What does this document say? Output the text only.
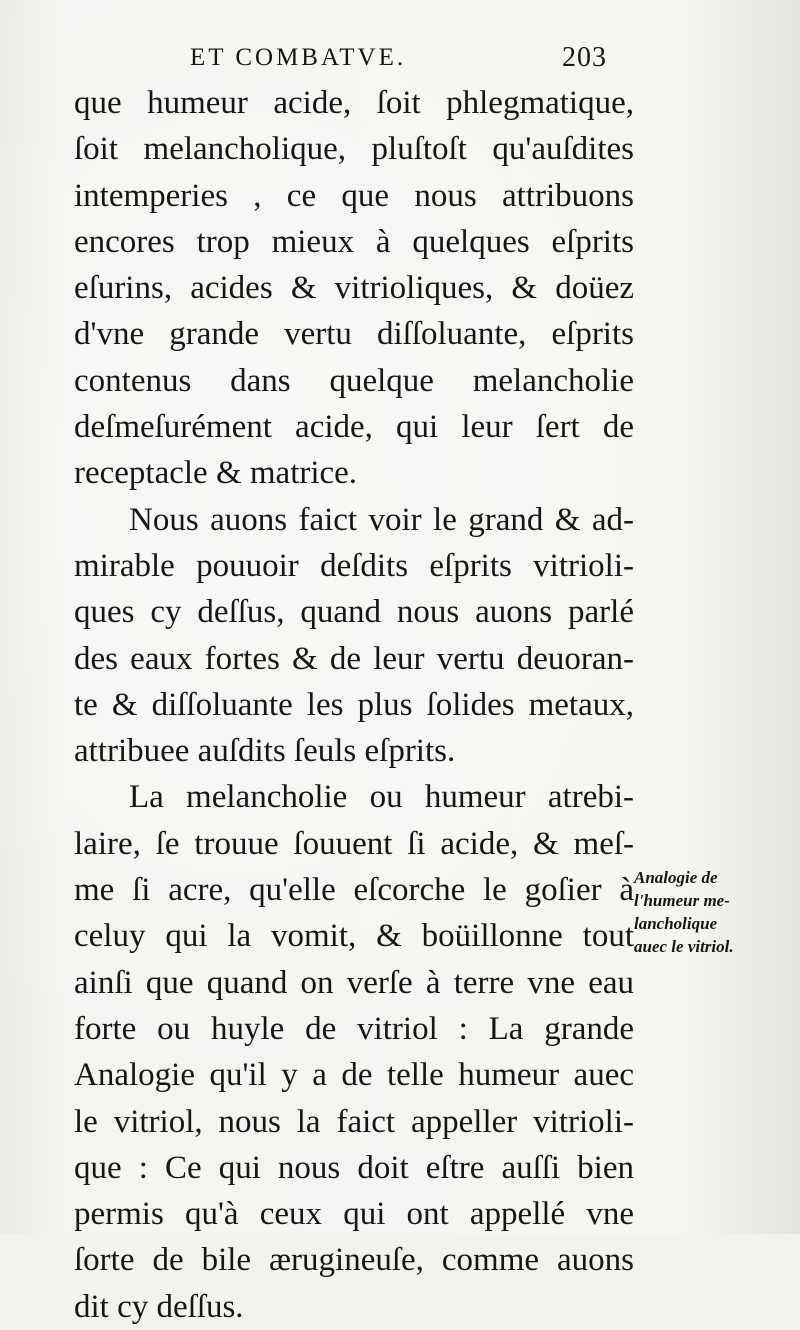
ET COMBATVE.	203
que humeur acide, ſoit phlegmatique,
ſoit melancholique, pluſtoſt qu'auſdites
intemperies , ce que nous attribuons
encores trop mieux à quelques eſprits
eſurins, acides & vitrioliques, & doüez
d'vne grande vertu diſſoluante, eſprits
contenus dans quelque melancholie
deſmeſurément acide, qui leur ſert de
receptacle & matrice.
Nous auons faict voir le grand & ad-
mirable pouuoir deſdits eſprits vitrioli-
ques cy deſſus, quand nous auons parlé
des eaux fortes & de leur vertu deuoran-
te & diſſoluante les plus ſolides metaux,
attribuee auſdits ſeuls eſprits.
La melancholie ou humeur atrebi-
laire, ſe trouue ſouuent ſi acide, & meſ-
me ſi acre, qu'elle eſcorche le goſier à
celuy qui la vomit, & boüillonne tout
ainſi que quand on verſe à terre vne eau
forte ou huyle de vitriol : La grande
Analogie qu'il y a de telle humeur auec
le vitriol, nous la faict appeller vitrioli-
que : Ce qui nous doit eſtre auſſi bien
permis qu'à ceux qui ont appellé vne
ſorte de bile ærugineuſe, comme auons
dit cy deſſus.
Analogie de
l'humeur me-
lancholique
auec le vitriol.
